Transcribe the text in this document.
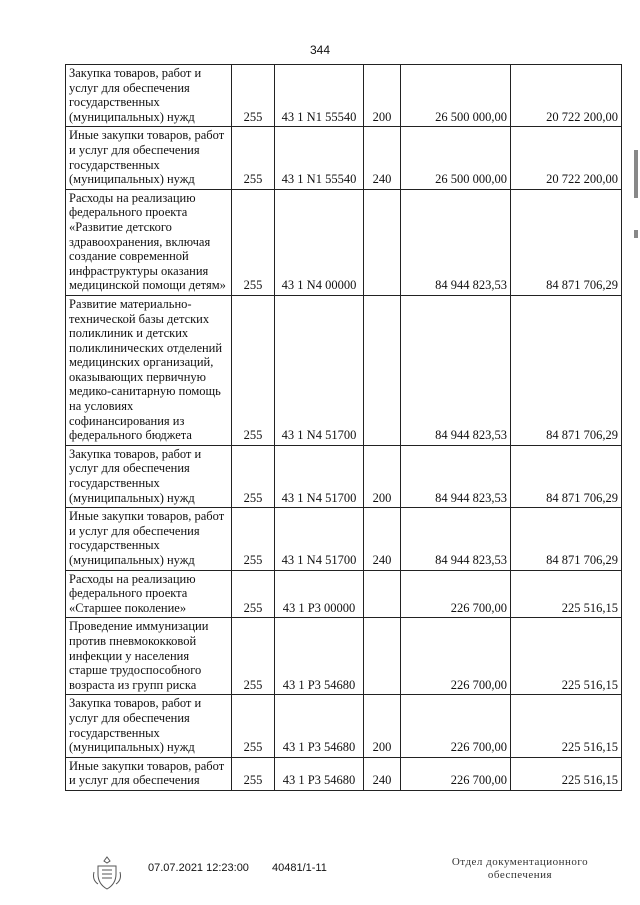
344
Закупка товаров, работ и услуг для обеспечения государственных (муниципальных) нужд	255	43 1 N1 55540	200	26 500 000,00	20 722 200,00
Иные закупки товаров, работ и услуг для обеспечения государственных (муниципальных) нужд	255	43 1 N1 55540	240	26 500 000,00	20 722 200,00
Расходы на реализацию федерального проекта «Развитие детского здравоохранения, включая создание современной инфраструктуры оказания медицинской помощи детям»	255	43 1 N4 00000		84 944 823,53	84 871 706,29
Развитие материально-технической базы детских поликлиник и детских поликлинических отделений медицинских организаций, оказывающих первичную медико-санитарную помощь на условиях софинансирования из федерального бюджета	255	43 1 N4 51700		84 944 823,53	84 871 706,29
Закупка товаров, работ и услуг для обеспечения государственных (муниципальных) нужд	255	43 1 N4 51700	200	84 944 823,53	84 871 706,29
Иные закупки товаров, работ и услуг для обеспечения государственных (муниципальных) нужд	255	43 1 N4 51700	240	84 944 823,53	84 871 706,29
Расходы на реализацию федерального проекта «Старшее поколение»	255	43 1 P3 00000		226 700,00	225 516,15
Проведение иммунизации против пневмококковой инфекции у населения старше трудоспособного возраста из групп риска	255	43 1 P3 54680		226 700,00	225 516,15
Закупка товаров, работ и услуг для обеспечения государственных (муниципальных) нужд	255	43 1 P3 54680	200	226 700,00	225 516,15
Иные закупки товаров, работ и услуг для обеспечения	255	43 1 P3 54680	240	226 700,00	225 516,15
07.07.2021 12:23:00 40481/1-11	Отдел документационного
обеспечения
